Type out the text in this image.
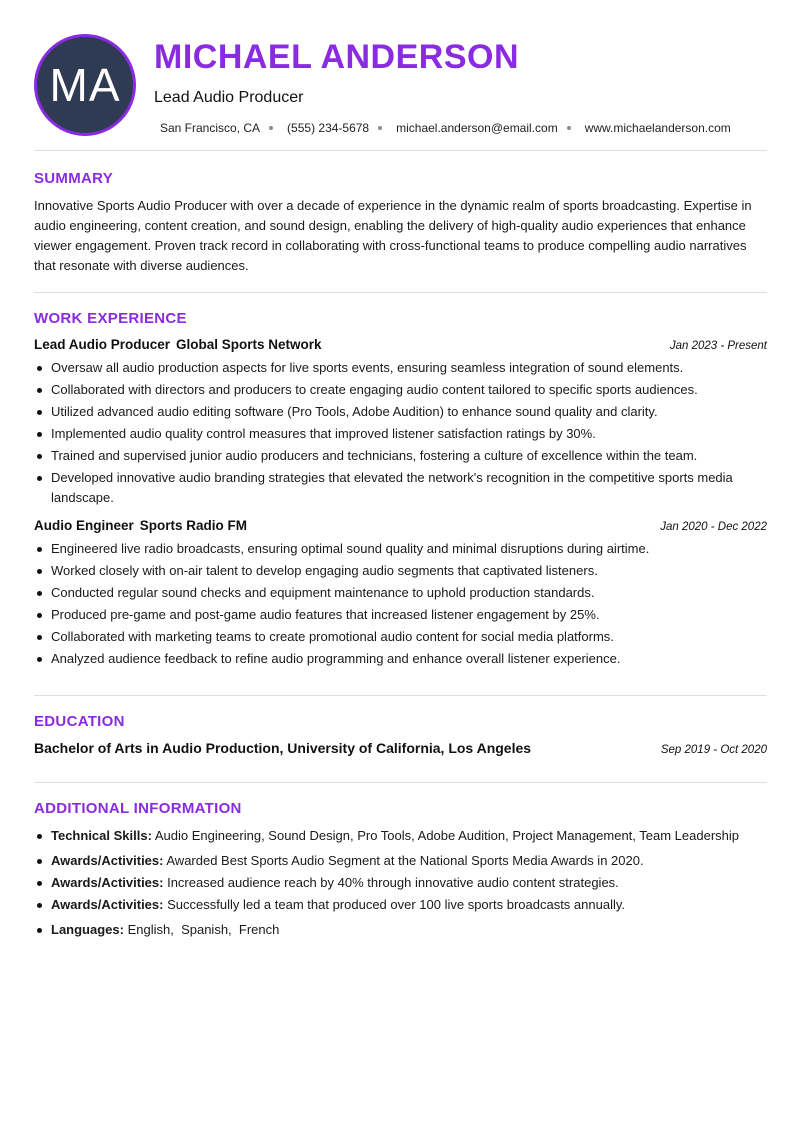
MA
MICHAEL ANDERSON
Lead Audio Producer
San Francisco, CA (555) 234-5678 michael.anderson@email.com www.michaelanderson.com
SUMMARY

Innovative Sports Audio Producer with over a decade of experience in the dynamic realm of sports broadcasting. Expertise in audio engineering, content creation, and sound design, enabling the delivery of high-quality audio experiences that enhance viewer engagement. Proven track record in collaborating with cross-functional teams to produce compelling audio narratives that resonate with diverse audiences.

WORK EXPERIENCE
Lead Audio Producer Global Sports Network	Jan 2023 - Present
Oversaw all audio production aspects for live sports events, ensuring seamless integration of sound elements.
Collaborated with directors and producers to create engaging audio content tailored to specific sports audiences.
Utilized advanced audio editing software (Pro Tools, Adobe Audition) to enhance sound quality and clarity.
Implemented audio quality control measures that improved listener satisfaction ratings by 30%.
Trained and supervised junior audio producers and technicians, fostering a culture of excellence within the team.
Developed innovative audio branding strategies that elevated the network's recognition in the competitive sports media landscape.
Audio Engineer Sports Radio FM	Jan 2020 - Dec 2022
Engineered live radio broadcasts, ensuring optimal sound quality and minimal disruptions during airtime.
Worked closely with on-air talent to develop engaging audio segments that captivated listeners.
Conducted regular sound checks and equipment maintenance to uphold production standards.
Produced pre-game and post-game audio features that increased listener engagement by 25%.
Collaborated with marketing teams to create promotional audio content for social media platforms.
Analyzed audience feedback to refine audio programming and enhance overall listener experience.
EDUCATION
Bachelor of Arts in Audio Production, University of California, Los Angeles	Sep 2019 - Oct 2020
ADDITIONAL INFORMATION
Technical Skills: Audio Engineering, Sound Design, Pro Tools, Adobe Audition, Project Management, Team Leadership
Awards/Activities: Awarded Best Sports Audio Segment at the National Sports Media Awards in 2020.
Awards/Activities: Increased audience reach by 40% through innovative audio content strategies.
Awards/Activities: Successfully led a team that produced over 100 live sports broadcasts annually.
Languages: English,  Spanish,  French
